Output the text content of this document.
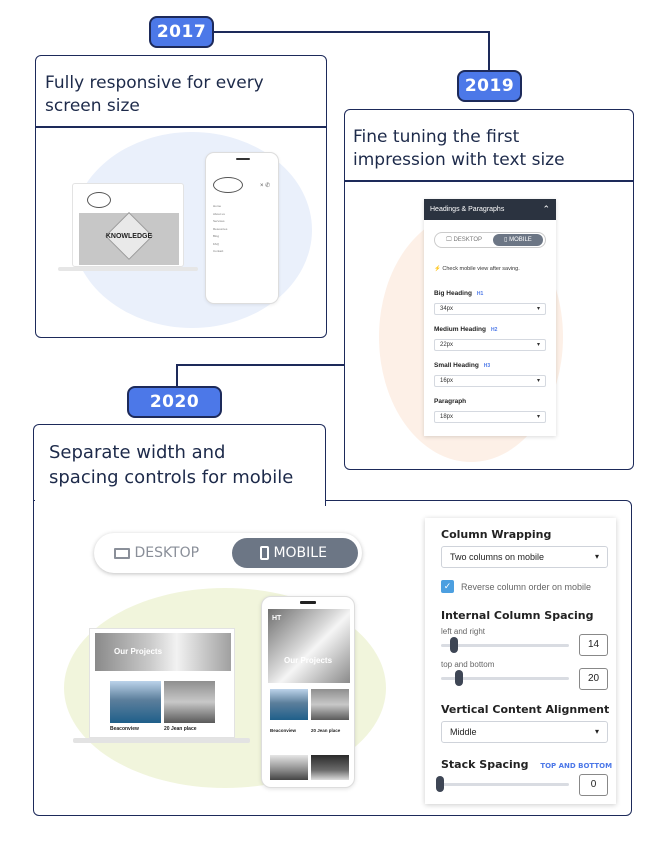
Fully responsive for every
screen size
KNOWLEDGE
× ✆
Home
About us
Services
Resources
Blog
FAQ
Contact
2017
Fine tuning the first
impression with text size
Headings & Paragraphs	⌃
🖵 DESKTOP	▯ MOBILE
⚡ Check mobile view after saving.
Big Heading H1
34px	▾
Medium Heading H2
22px	▾
Small Heading H3
16px	▾
Paragraph
18px	▾
2019
Separate width and
spacing controls for mobile
2020
DESKTOP	MOBILE
Our Projects
Beaconview	20 Jean place
HT
Our Projects
Beaconview	20 Jean place
Column Wrapping
Two columns on mobile	▾
✓	Reverse column order on mobile
Internal Column Spacing
left and right
14
top and bottom
20
Vertical Content Alignment
Middle	▾
Stack Spacing TOP AND BOTTOM
0
